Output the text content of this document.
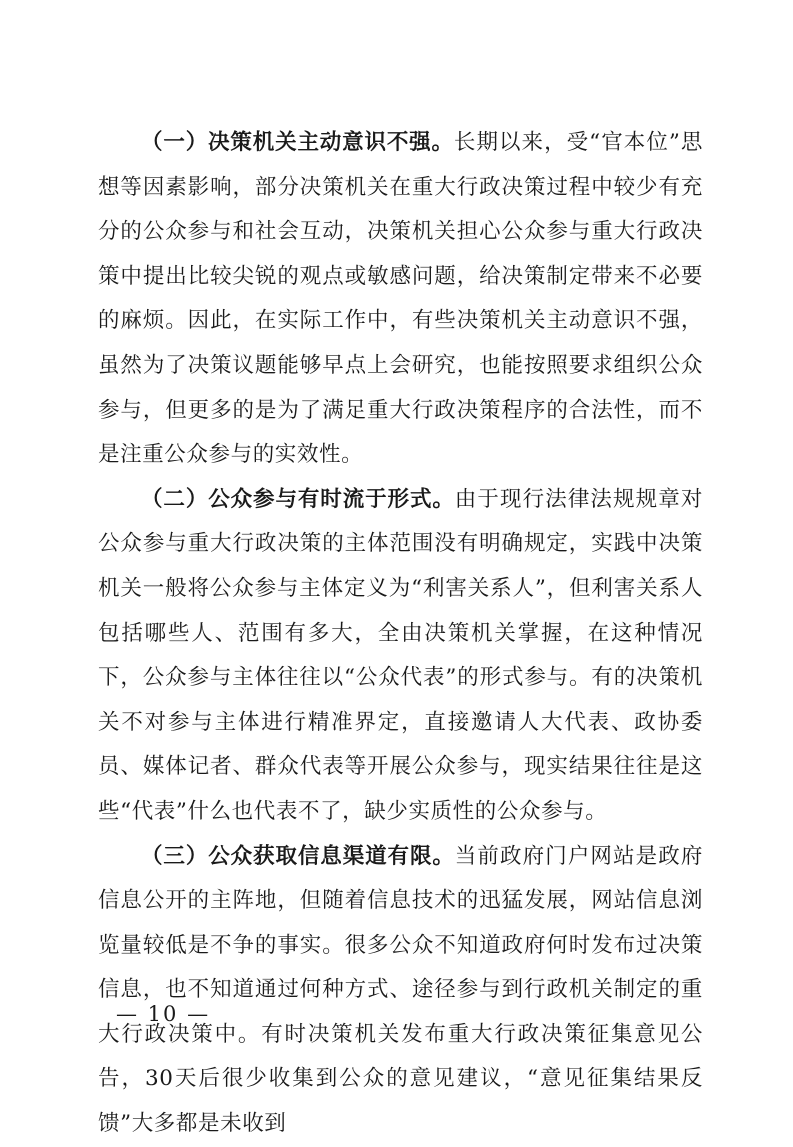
（一）决策机关主动意识不强。长期以来，受“官本位”思想等因素影响，部分决策机关在重大行政决策过程中较少有充分的公众参与和社会互动，决策机关担心公众参与重大行政决策中提出比较尖锐的观点或敏感问题，给决策制定带来不必要的麻烦。因此，在实际工作中，有些决策机关主动意识不强，虽然为了决策议题能够早点上会研究，也能按照要求组织公众参与，但更多的是为了满足重大行政决策程序的合法性，而不是注重公众参与的实效性。

（二）公众参与有时流于形式。由于现行法律法规规章对公众参与重大行政决策的主体范围没有明确规定，实践中决策机关一般将公众参与主体定义为“利害关系人”，但利害关系人包括哪些人、范围有多大，全由决策机关掌握，在这种情况下，公众参与主体往往以“公众代表”的形式参与。有的决策机关不对参与主体进行精准界定，直接邀请人大代表、政协委员、媒体记者、群众代表等开展公众参与，现实结果往往是这些“代表”什么也代表不了，缺少实质性的公众参与。

（三）公众获取信息渠道有限。当前政府门户网站是政府信息公开的主阵地，但随着信息技术的迅猛发展，网站信息浏览量较低是不争的事实。很多公众不知道政府何时发布过决策信息，也不知道通过何种方式、途径参与到行政机关制定的重大行政决策中。有时决策机关发布重大行政决策征集意见公告，30天后很少收集到公众的意见建议，“意见征集结果反馈”大多都是未收到

— 10 —
